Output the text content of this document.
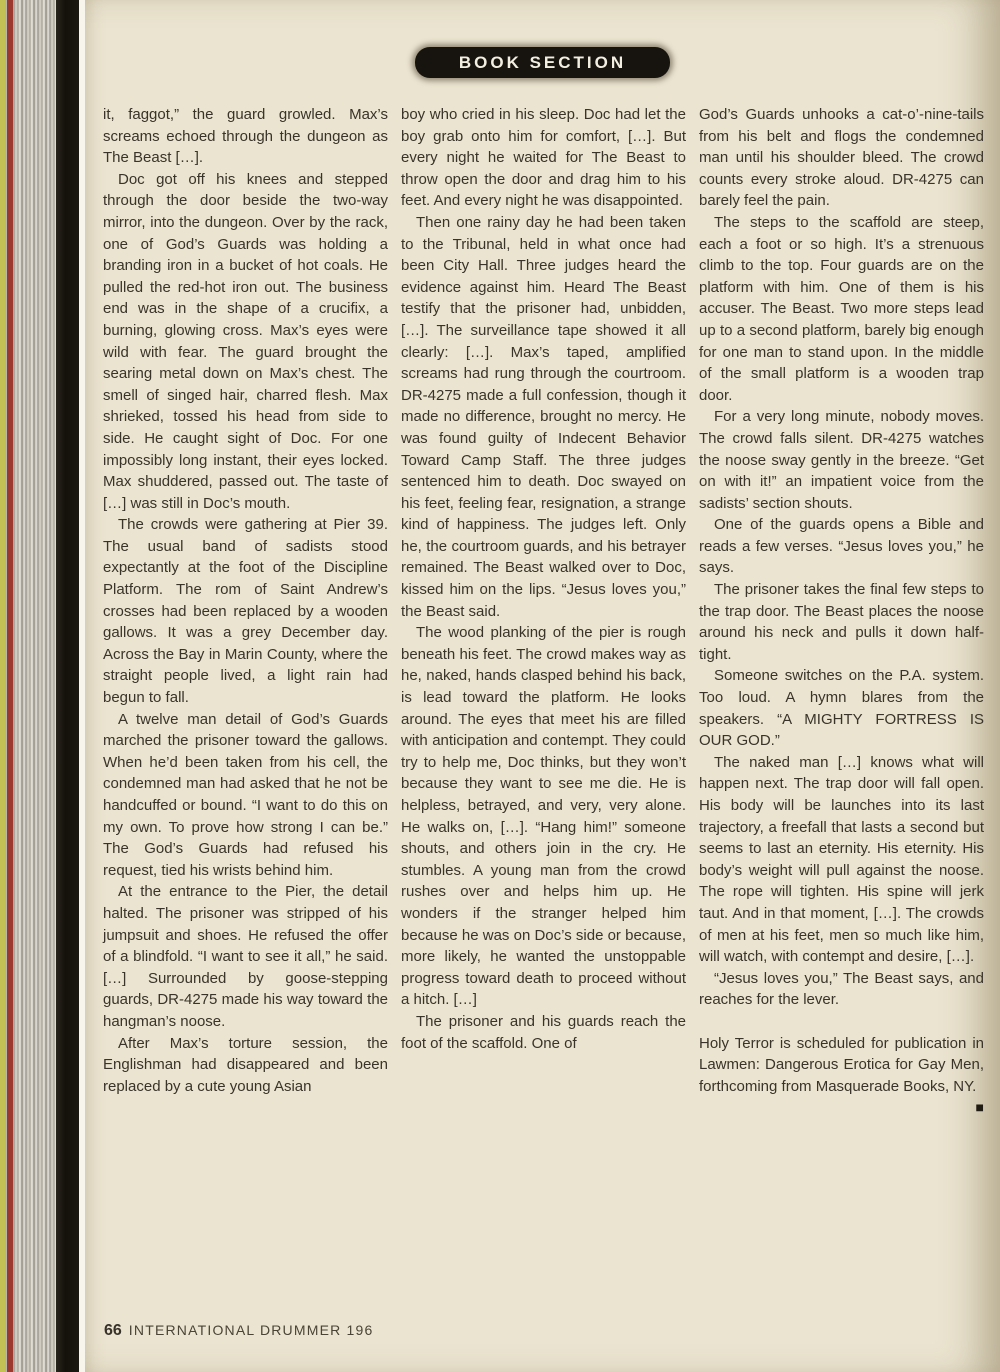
BOOK SECTION

it, faggot,” the guard growled. Max’s screams echoed through the dungeon as The Beast […].

Doc got off his knees and stepped through the door beside the two-way mirror, into the dungeon. Over by the rack, one of God’s Guards was holding a branding iron in a bucket of hot coals. He pulled the red-hot iron out. The business end was in the shape of a crucifix, a burning, glowing cross. Max’s eyes were wild with fear. The guard brought the searing metal down on Max’s chest. The smell of singed hair, charred flesh. Max shrieked, tossed his head from side to side. He caught sight of Doc. For one impossibly long instant, their eyes locked. Max shuddered, passed out. The taste of […] was still in Doc’s mouth.

The crowds were gathering at Pier 39. The usual band of sadists stood expectantly at the foot of the Discipline Platform. The rom of Saint Andrew’s crosses had been replaced by a wooden gallows. It was a grey December day. Across the Bay in Marin County, where the straight people lived, a light rain had begun to fall.

A twelve man detail of God’s Guards marched the prisoner toward the gallows. When he’d been taken from his cell, the condemned man had asked that he not be handcuffed or bound. “I want to do this on my own. To prove how strong I can be.” The God’s Guards had refused his request, tied his wrists behind him.

At the entrance to the Pier, the detail halted. The prisoner was stripped of his jumpsuit and shoes. He refused the offer of a blindfold. “I want to see it all,” he said. […] Surrounded by goose-stepping guards, DR-4275 made his way toward the hangman’s noose.

After Max’s torture session, the Englishman had disappeared and been replaced by a cute young Asian

boy who cried in his sleep. Doc had let the boy grab onto him for comfort, […]. But every night he waited for The Beast to throw open the door and drag him to his feet. And every night he was disappointed.

Then one rainy day he had been taken to the Tribunal, held in what once had been City Hall. Three judges heard the evidence against him. Heard The Beast testify that the prisoner had, unbidden, […]. The surveillance tape showed it all clearly: […]. Max’s taped, amplified screams had rung through the courtroom. DR-4275 made a full confession, though it made no difference, brought no mercy. He was found guilty of Indecent Behavior Toward Camp Staff. The three judges sentenced him to death. Doc swayed on his feet, feeling fear, resignation, a strange kind of happiness. The judges left. Only he, the courtroom guards, and his betrayer remained. The Beast walked over to Doc, kissed him on the lips. “Jesus loves you,” the Beast said.

The wood planking of the pier is rough beneath his feet. The crowd makes way as he, naked, hands clasped behind his back, is lead toward the platform. He looks around. The eyes that meet his are filled with anticipation and contempt. They could try to help me, Doc thinks, but they won’t because they want to see me die. He is helpless, betrayed, and very, very alone. He walks on, […]. “Hang him!” someone shouts, and others join in the cry. He stumbles. A young man from the crowd rushes over and helps him up. He wonders if the stranger helped him because he was on Doc’s side or because, more likely, he wanted the unstoppable progress toward death to proceed without a hitch. […]

The prisoner and his guards reach the foot of the scaffold. One of

God’s Guards unhooks a cat-o’-nine-tails from his belt and flogs the condemned man until his shoulder bleed. The crowd counts every stroke aloud. DR-4275 can barely feel the pain.

The steps to the scaffold are steep, each a foot or so high. It’s a strenuous climb to the top. Four guards are on the platform with him. One of them is his accuser. The Beast. Two more steps lead up to a second platform, barely big enough for one man to stand upon. In the middle of the small platform is a wooden trap door.

For a very long minute, nobody moves. The crowd falls silent. DR-4275 watches the noose sway gently in the breeze. “Get on with it!” an impatient voice from the sadists’ section shouts.

One of the guards opens a Bible and reads a few verses. “Jesus loves you,” he says.

The prisoner takes the final few steps to the trap door. The Beast places the noose around his neck and pulls it down half-tight.

Someone switches on the P.A. system. Too loud. A hymn blares from the speakers. “A MIGHTY FORTRESS IS OUR GOD.”

The naked man […] knows what will happen next. The trap door will fall open. His body will be launches into its last trajectory, a freefall that lasts a second but seems to last an eternity. His eternity. His body’s weight will pull against the noose. The rope will tighten. His spine will jerk taut. And in that moment, […]. The crowds of men at his feet, men so much like him, will watch, with contempt and desire, […].

“Jesus loves you,” The Beast says, and reaches for the lever.

Holy Terror is scheduled for publication in Lawmen: Dangerous Erotica for Gay Men, forthcoming from Masquerade Books, NY.
■

66 INTERNATIONAL DRUMMER 196
